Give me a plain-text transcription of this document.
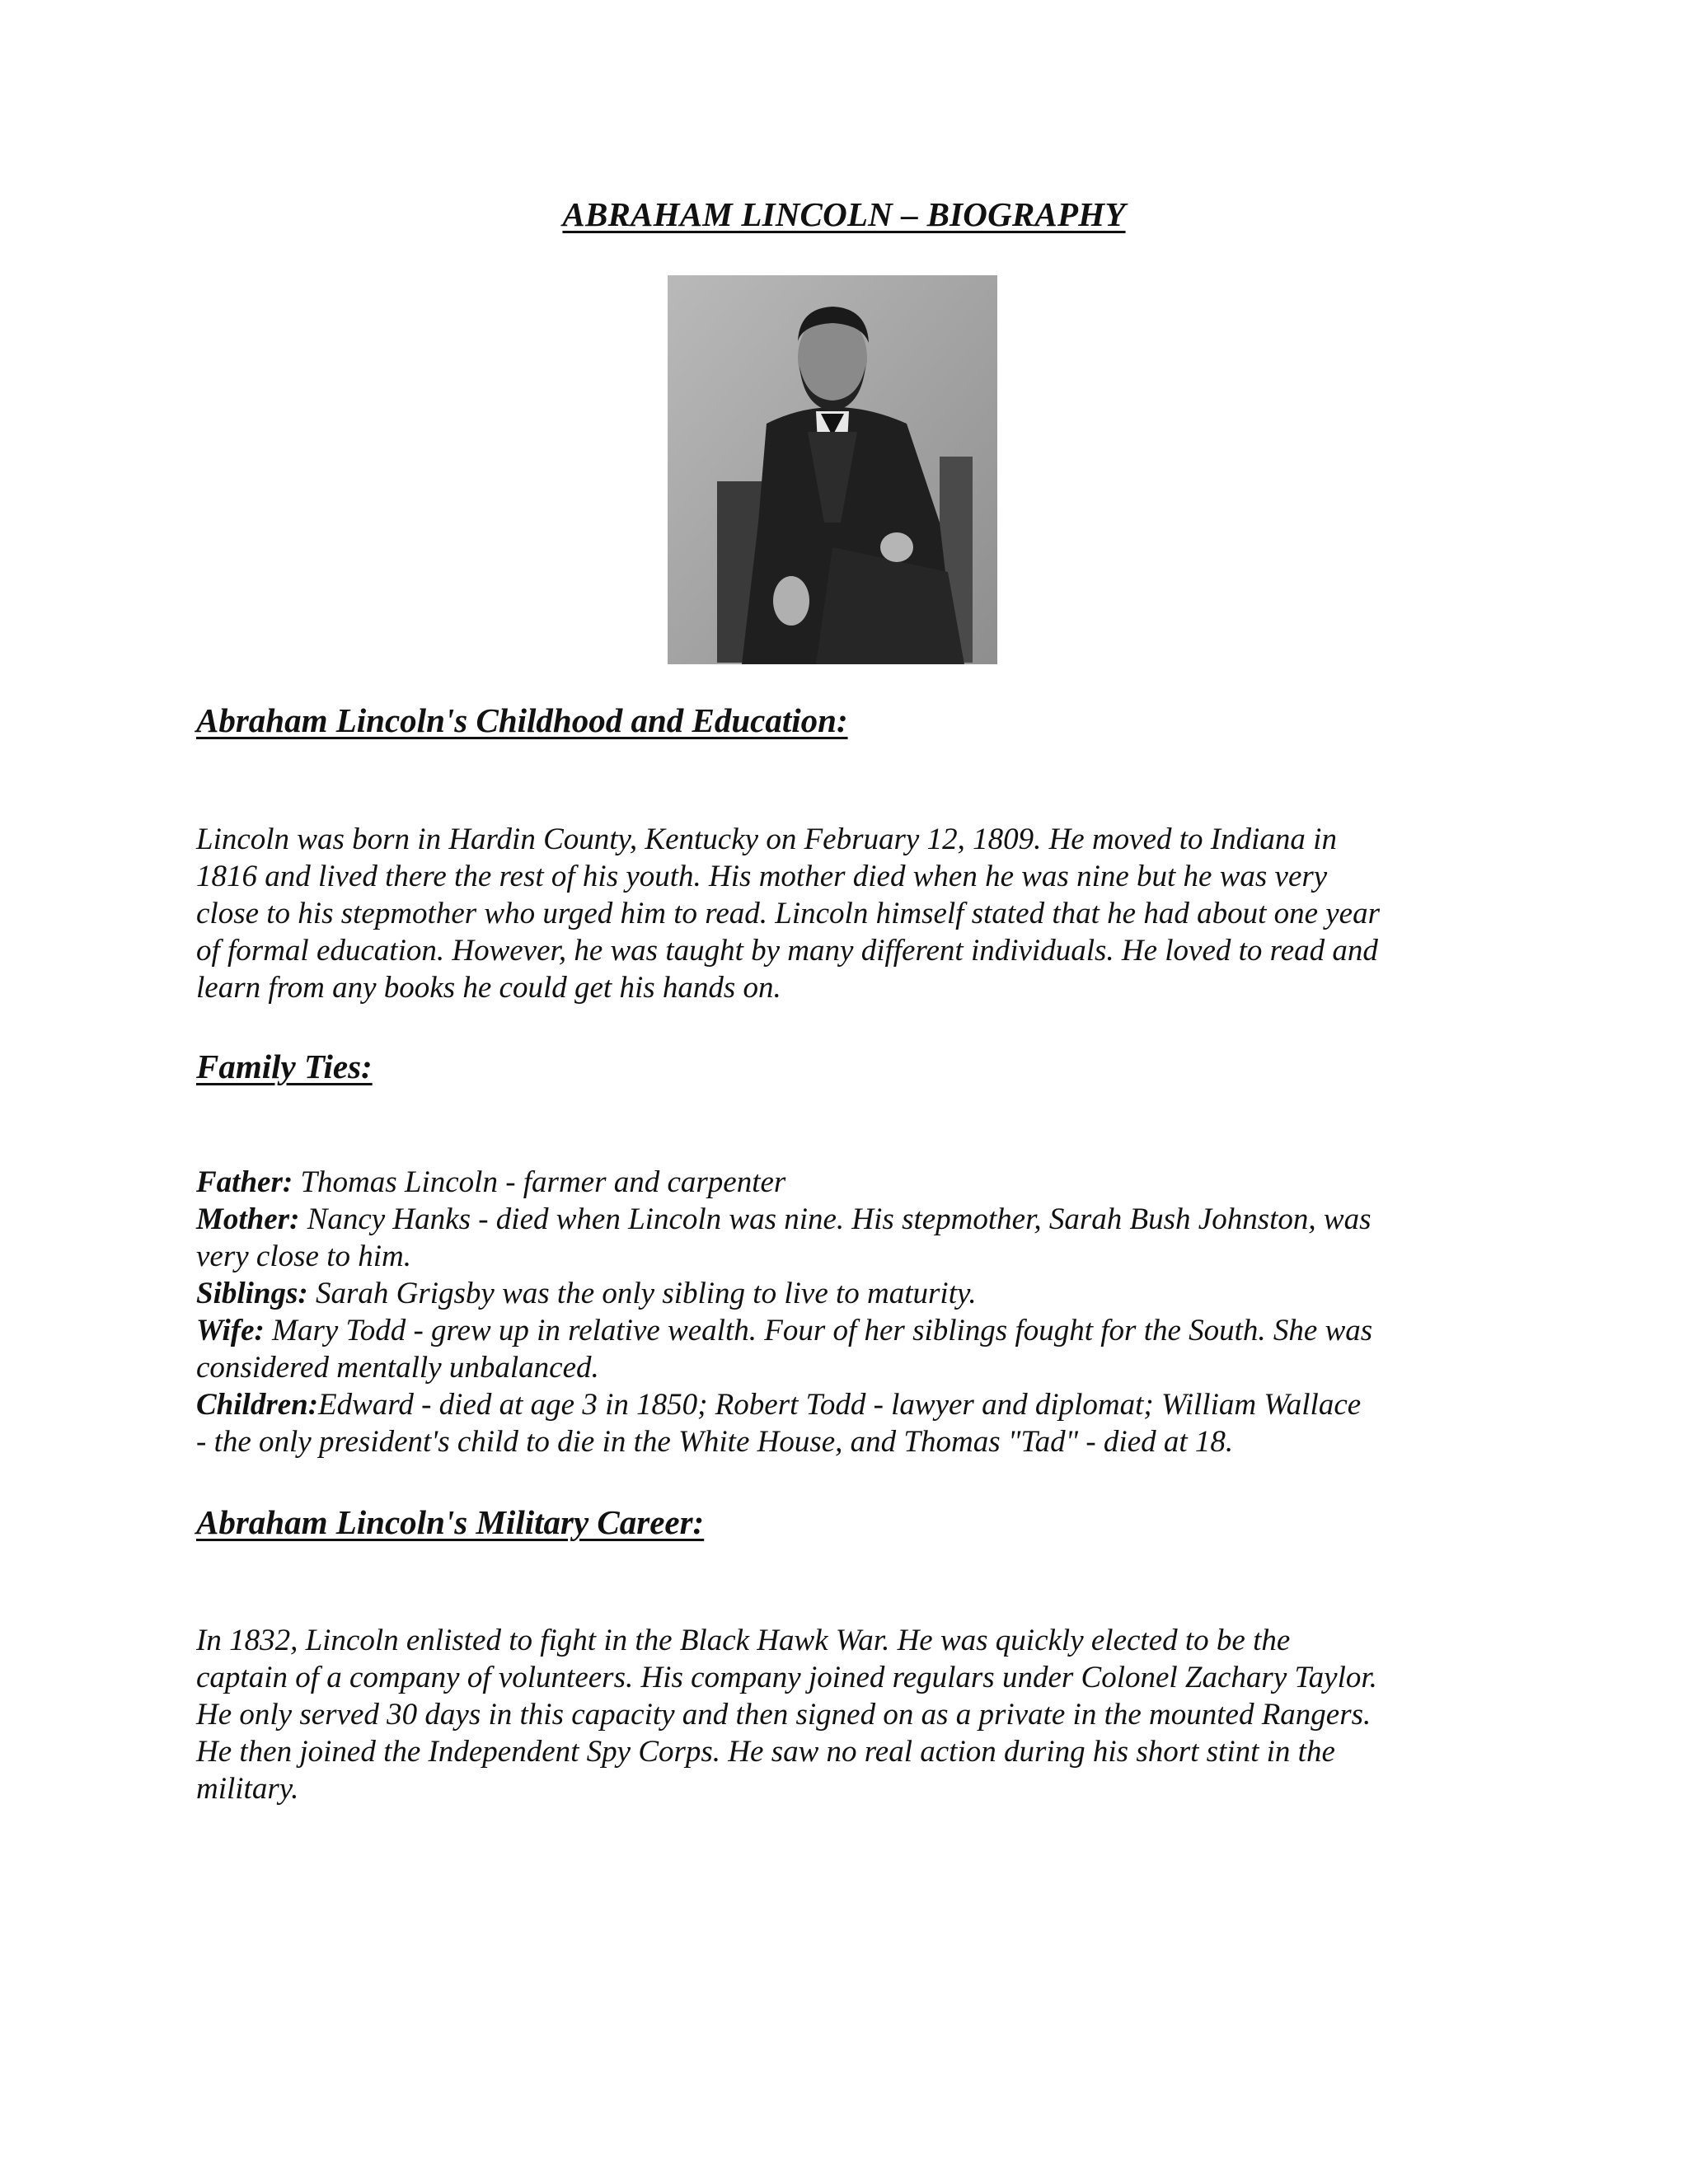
ABRAHAM LINCOLN – BIOGRAPHY
Abraham Lincoln's Childhood and Education:

Lincoln was born in Hardin County, Kentucky on February 12, 1809. He moved to Indiana in
1816 and lived there the rest of his youth. His mother died when he was nine but he was very
close to his stepmother who urged him to read. Lincoln himself stated that he had about one year
of formal education. However, he was taught by many different individuals. He loved to read and
learn from any books he could get his hands on.

Family Ties:

Father: Thomas Lincoln - farmer and carpenter
Mother: Nancy Hanks - died when Lincoln was nine. His stepmother, Sarah Bush Johnston, was
very close to him.
Siblings: Sarah Grigsby was the only sibling to live to maturity.
Wife: Mary Todd - grew up in relative wealth. Four of her siblings fought for the South. She was
considered mentally unbalanced.
Children:Edward - died at age 3 in 1850; Robert Todd - lawyer and diplomat; William Wallace
- the only president's child to die in the White House, and Thomas "Tad" - died at 18.

Abraham Lincoln's Military Career:

In 1832, Lincoln enlisted to fight in the Black Hawk War. He was quickly elected to be the
captain of a company of volunteers. His company joined regulars under Colonel Zachary Taylor.
He only served 30 days in this capacity and then signed on as a private in the mounted Rangers.
He then joined the Independent Spy Corps. He saw no real action during his short stint in the
military.
